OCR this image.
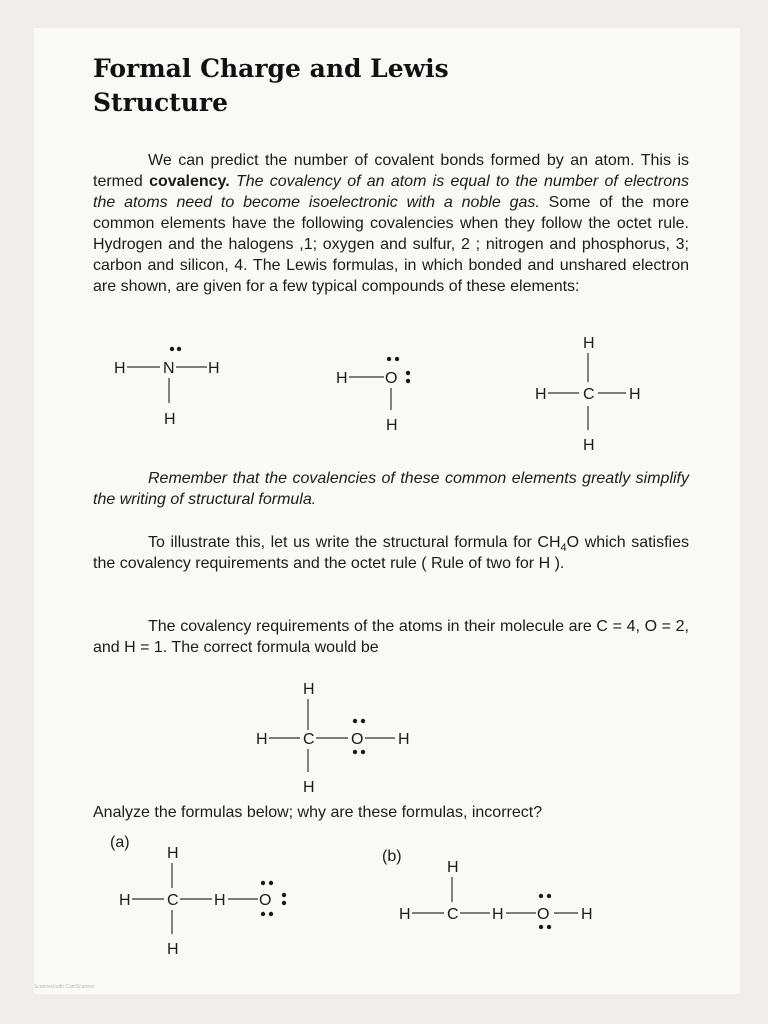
Formal Charge and Lewis
Structure

We can predict the number of covalent bonds formed by an atom. This is termed covalency. The covalency of an atom is equal to the number of electrons the atoms need to become isoelectronic with a noble gas. Some of the more common elements have the following covalencies when they follow the octet rule. Hydrogen and the halogens ,1; oxygen and sulfur, 2 ; nitrogen and phosphorus, 3; carbon and silicon, 4. The Lewis formulas, in which bonded and unshared electron are shown, are given for a few typical compounds of these elements:

H N H
H
H O
H
H
H C H
H

Remember that the covalencies of these common elements greatly simplify the writing of structural formula.

To illustrate this, let us write the structural formula for $CH_4O$ which satisfies the covalency requirements and the octet rule ( Rule of two for H ).

The covalency requirements of the atoms in their molecule are C = 4, O = 2, and H = 1. The correct formula would be

H
H C O H
H

Analyze the formulas below; why are these formulas, incorrect?

(a)
(b)
H
H C H O
H
H
H C H O H
Scanned with CamScanner
